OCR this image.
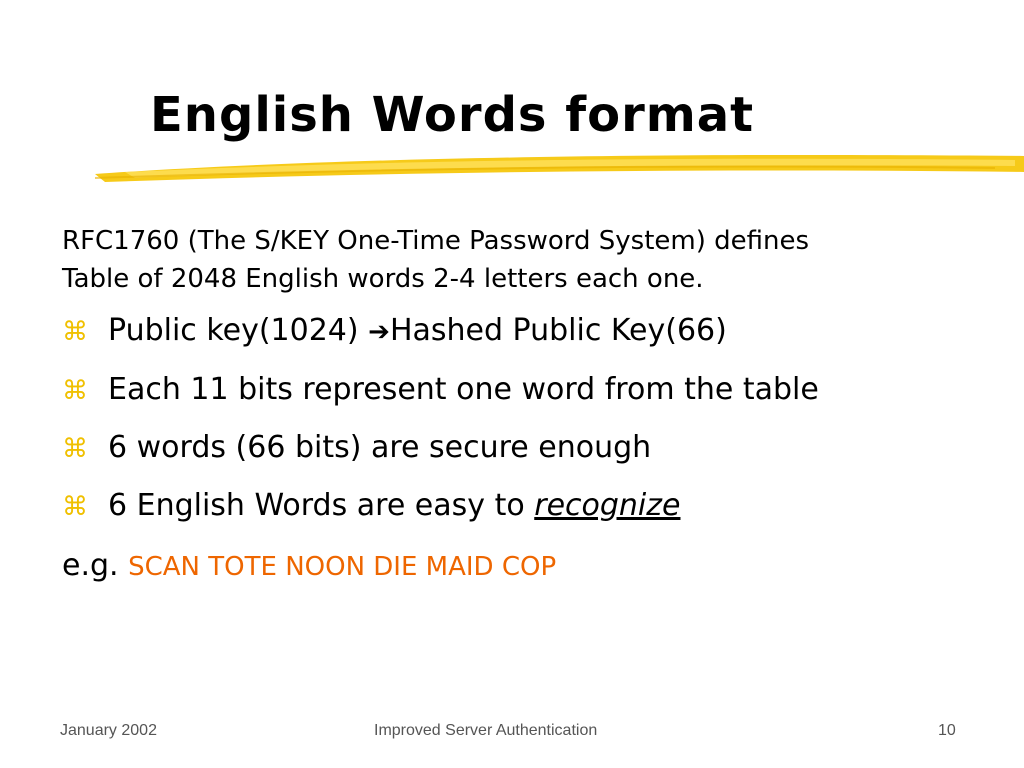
English Words format
RFC1760 (The S/KEY One-Time Password System) defines
Table of 2048 English words 2-4 letters each one.
⌘ Public key(1024) ➔Hashed Public Key(66)
⌘ Each 11 bits represent one word from the table
⌘ 6 words (66 bits) are secure enough
⌘ 6 English Words are easy to recognize
e.g. SCAN TOTE NOON DIE MAID COP
January 2002	Improved Server Authentication	10
